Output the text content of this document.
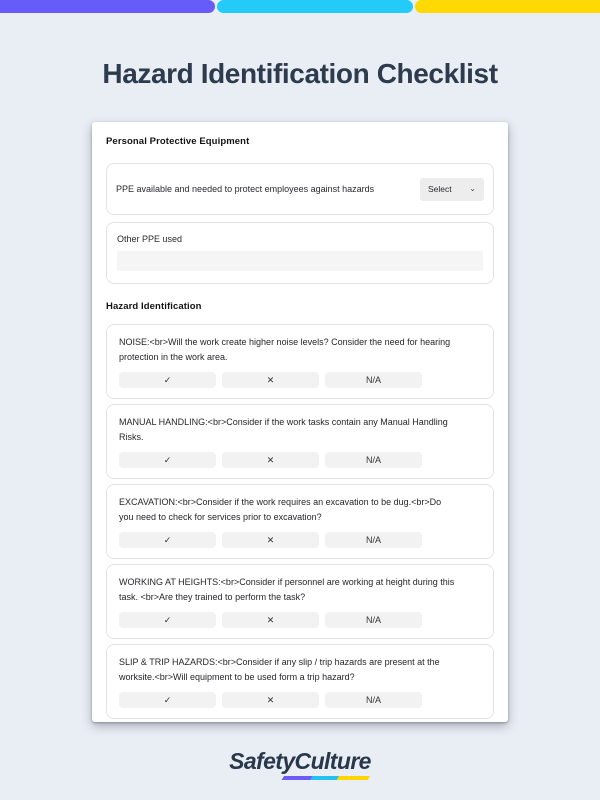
Hazard Identification Checklist
Personal Protective Equipment
PPE available and needed to protect employees against hazards	Select ⌄
Other PPE used
Hazard Identification
NOISE:<br>Will the work create higher noise levels? Consider the need for hearing protection in the work area.
✓	✕	N/A
MANUAL HANDLING:<br>Consider if the work tasks contain any Manual Handling Risks.
✓	✕	N/A
EXCAVATION:<br>Consider if the work requires an excavation to be dug.<br>Do you need to check for services prior to excavation?
✓	✕	N/A
WORKING AT HEIGHTS:<br>Consider if personnel are working at height during this task. <br>Are they trained to perform the task?
✓	✕	N/A
SLIP & TRIP HAZARDS:<br>Consider if any slip / trip hazards are present at the worksite.<br>Will equipment to be used form a trip hazard?
✓	✕	N/A
SafetyCulture
